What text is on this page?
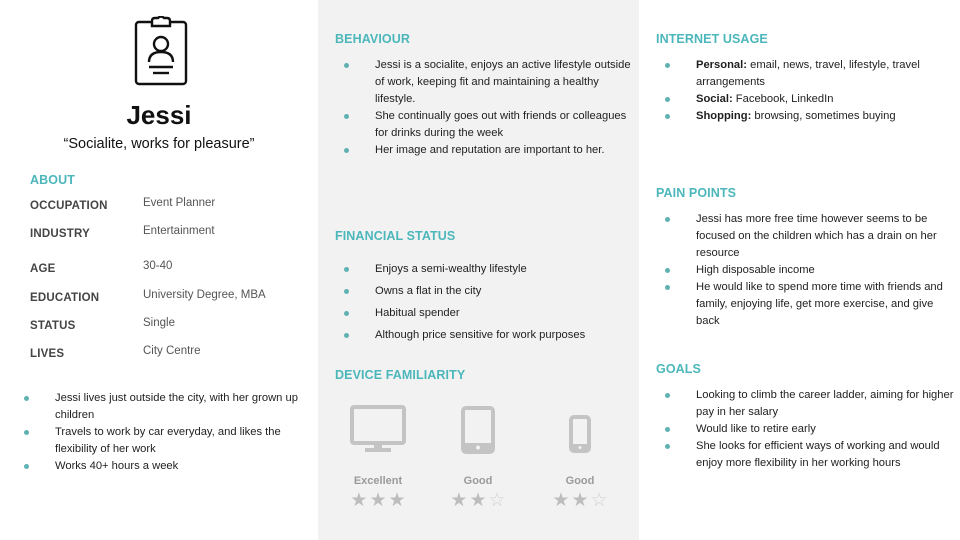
Jessi
“Socialite, works for pleasure”
ABOUT
OCCUPATION	Event Planner
INDUSTRY	Entertainment
AGE	30-40
EDUCATION	University Degree, MBA
STATUS	Single
LIVES	City Centre
Jessi lives just outside the city, with her grown up children
Travels to work by car everyday, and likes the flexibility of her work
Works 40+ hours a week
BEHAVIOUR
Jessi is a socialite, enjoys an active lifestyle outside of work, keeping fit and maintaining a healthy lifestyle.
She continually goes out with friends or colleagues for drinks during the week
Her image and reputation are important to her.
FINANCIAL STATUS
Enjoys a semi-wealthy lifestyle
Owns a flat in the city
Habitual spender
Although price sensitive for work purposes
DEVICE FAMILIARITY
Excellent
★ ★ ★
Good
★ ★ ☆
Good
★ ★ ☆
INTERNET USAGE
Personal: email, news, travel, lifestyle, travel arrangements
Social: Facebook, LinkedIn
Shopping: browsing, sometimes buying
PAIN POINTS
Jessi has more free time however seems to be focused on the children which has a drain on her resource
High disposable income
He would like to spend more time with friends and family, enjoying life, get more exercise, and give back
GOALS
Looking to climb the career ladder, aiming for higher pay in her salary
Would like to retire early
She looks for efficient ways of working and would enjoy more flexibility in her working hours
